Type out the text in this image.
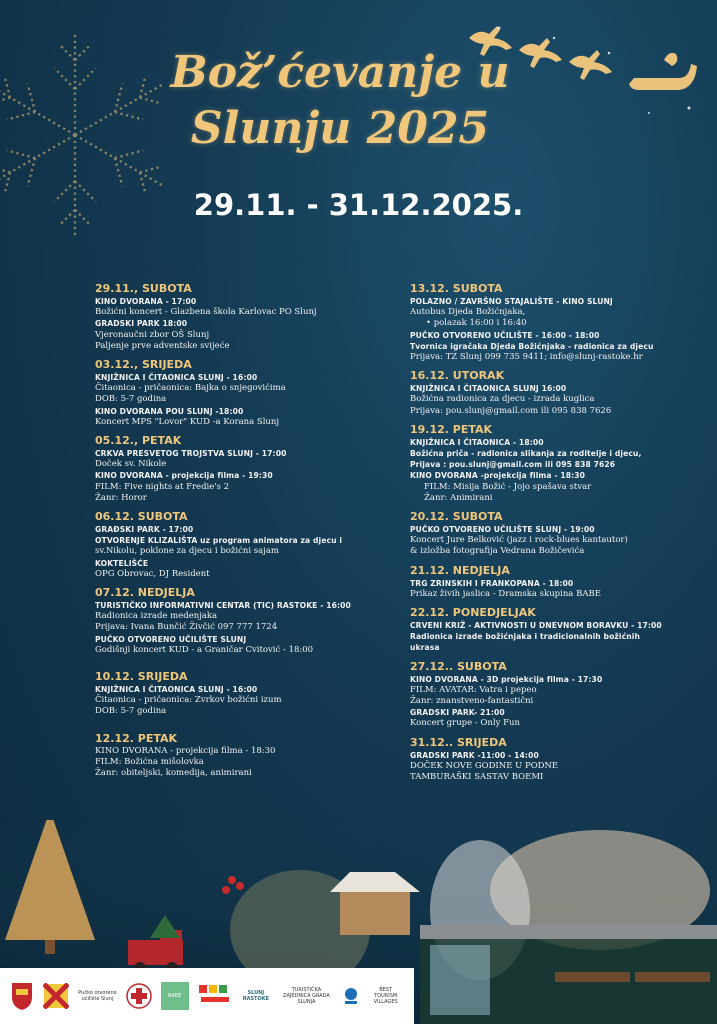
Bož’ćevanje u
Slunju 2025
29.11. - 31.12.2025.
29.11., SUBOTA
KINO DVORANA - 17:00
Božićni koncert - Glazbena škola Karlovac PO Slunj
GRADSKI PARK 18:00
Vjeronaučni zbor OŠ Slunj
Paljenje prve adventske svijeće
03.12., SRIJEDA
KNJIŽNICA I ČITAONICA SLUNJ - 16:00
Čitaonica - pričaonica: Bajka o snjegovićima
DOB: 5-7 godina
KINO DVORANA POU SLUNJ -18:00
Koncert MPS "Lovor" KUD -a Korana Slunj
05.12., PETAK
CRKVA PRESVETOG TROJSTVA SLUNJ - 17:00
Doček sv. Nikole
KINO DVORANA - projekcija filma - 19:30
FILM: Five nights at Fredie's 2
Žanr: Horor
06.12. SUBOTA
GRAĐSKI PARK - 17:00
OTVORENJE KLIZALIŠTA uz program animatora za djecu i
sv.Nikolu, poklone za djecu i božićni sajam
KOKTELIŠĆE
OPG Obrovac, DJ Resident
07.12. NEDJELJA
TURISTIČKO INFORMATIVNI CENTAR (TIC) RASTOKE - 16:00
Radionica izrade medenjaka
Prijava: Ivana Bunčić Živčić 097 777 1724
PUČKO OTVORENO UČILIŠTE SLUNJ
Godišnji koncert KUD - a Graničar Cvitović - 18:00
10.12. SRIJEDA
KNJIŽNICA I ČITAONICA SLUNJ - 16:00
Čitaonica - pričaonica: Zvrkov božićni izum
DOB: 5-7 godina
12.12. PETAK
KINO DVORANA - projekcija filma - 18:30
FILM: Božićna mišolovka
Žanr: obiteljski, komedija, animirani
13.12. SUBOTA
POLAZNO / ZAVRŠNO STAJALIŠTE - KINO SLUNJ
Autobus Djeda Božićnjaka,
• polazak 16:00 i 16:40
PUČKO OTVORENO UČILIŠTE - 16:00 - 18:00
Tvornica igračaka Djeda Božićnjaka - radionica za djecu
Prijava: TZ Slunj 099 735 9411; info@slunj-rastoke.hr
16.12. UTORAK
KNJIŽNICA I ČITAONICA SLUNJ 16:00
Božićna radionica za djecu - izrada kuglica
Prijava: pou.slunj@gmail.com ili 095 838 7626
19.12. PETAK
KNJIŽNICA I ČITAONICA - 18:00
Božićna priča - radionica slikanja za roditelje i djecu,
Prijava : pou.slunj@gmail.com ili 095 838 7626
KINO DVORANA -projekcija filma - 18:30
FILM: Misija Božić - Jojo spašava stvar
Žanr: Animirani
20.12. SUBOTA
PUČKO OTVORENO UČILIŠTE SLUNJ - 19:00
Koncert Jure Belković (jazz i rock-blues kantautor)
& izložba fotografija Vedrana Božičevića
21.12. NEDJELJA
TRG ZRINSKIH I FRANKOPANA - 18:00
Prikaz živih jaslica - Dramska skupina BABE
22.12. PONEDJELJAK
CRVENI KRIŽ - AKTIVNOSTI U DNEVNOM BORAVKU - 17:00
Radionica izrade božićnjaka i tradicionalnih božićnih
ukrasa
27.12.. SUBOTA
KINO DVORANA - 3D projekcija filma - 17:30
FILM: AVATAR: Vatra i pepeo
Žanr: znanstveno-fantastični
GRADSKI PARK- 21:00
Koncert grupe - Only Fun
31.12.. SRIJEDA
GRADSKI PARK -11:00 - 14:00
DOČEK NOVE GODINE U PODNE
TAMBURAŠKI SASTAV BOEMI
Pučko otvoreno učilište Slunj	BABE	SLUNJ RASTOKE
TURISTIČKA ZAJEDNICA GRADA SLUNJA
BEST TOURISM VILLAGES
